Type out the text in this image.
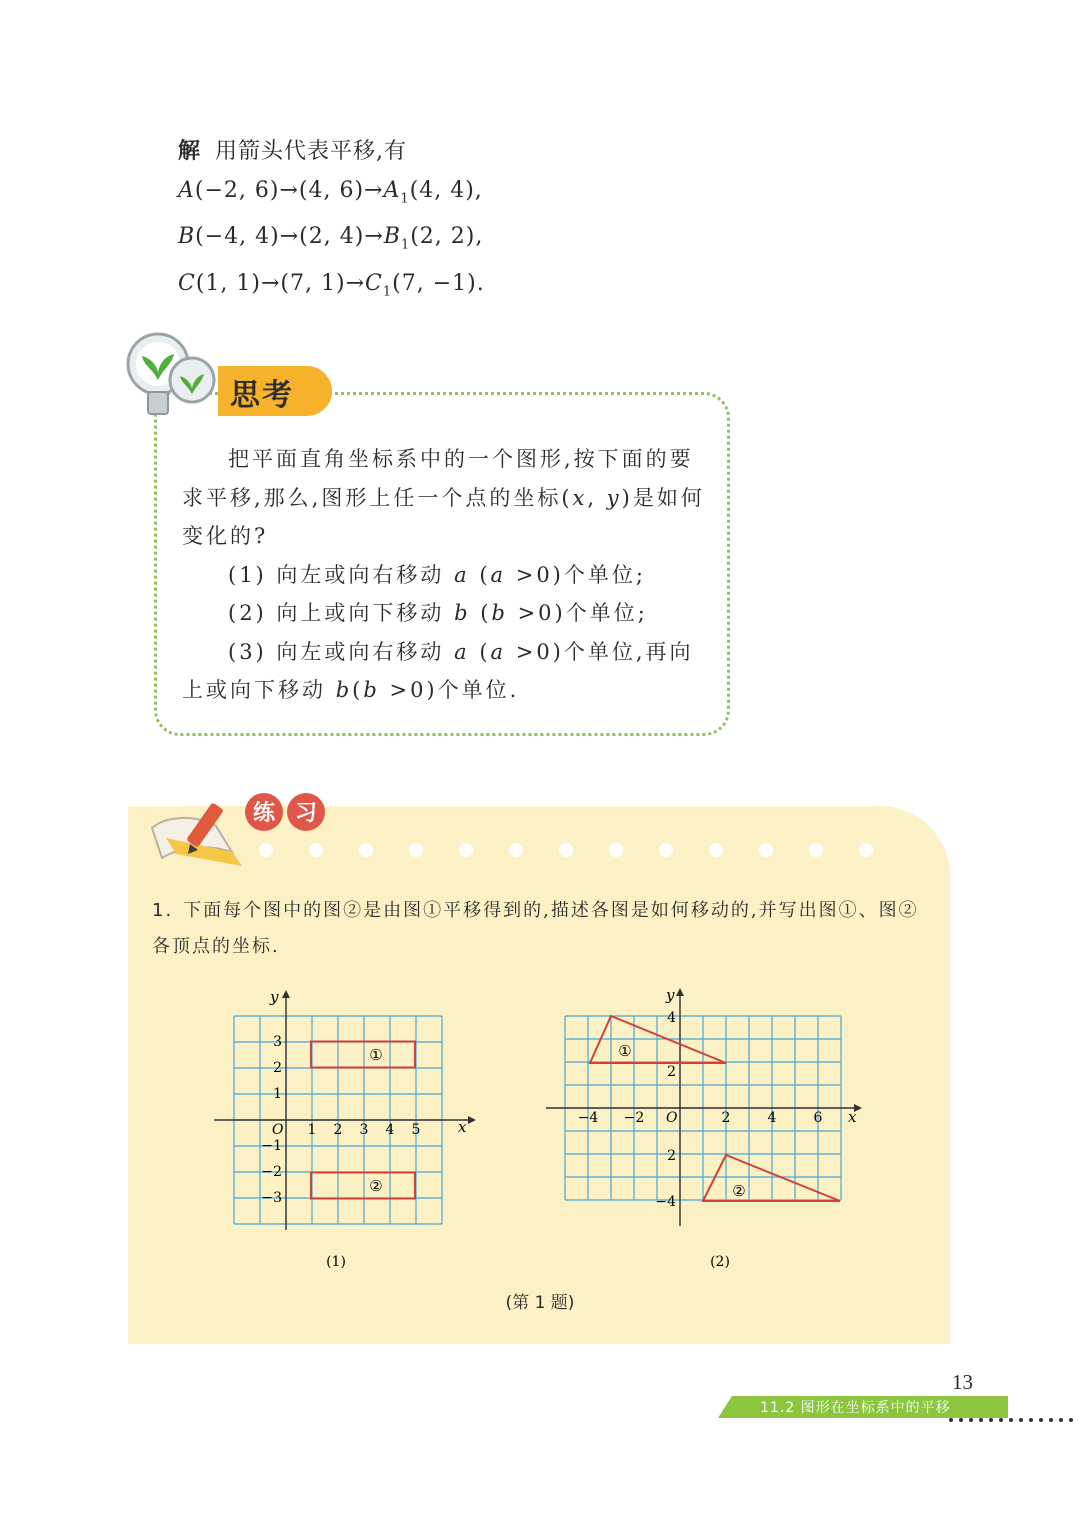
解 用箭头代表平移,有
A(−2, 6)→(4, $6)\to A_1(4$, 4),
B(−4, 4)→(2, $4)\to B_1(2$, 2),
C(1, 1)→(7, $1)\to C_1(7$, −1).
思考

把平面直角坐标系中的一个图形,按下面的要求平移,那么,图形上任一个点的坐标(x, y)是如何变化的?

(1) 向左或向右移动 a (a >0)个单位;

(2) 向上或向下移动 b (b >0)个单位;

(3) 向左或向右移动 a (a >0)个单位,再向上或向下移动 b(b >0)个单位.

练 习
1. 下面每个图中的图②是由图①平移得到的,描述各图是如何移动的,并写出图①、图②各顶点的坐标.
①
②
x
y
O 1 2 3 4 5
3
2
1
−1
−2
−3
(1)
①
②
x
y
O
−4 −2	2	4	6
4
2
2
−4
(2)
(第 1 题)
13
11.2 图形在坐标系中的平移
